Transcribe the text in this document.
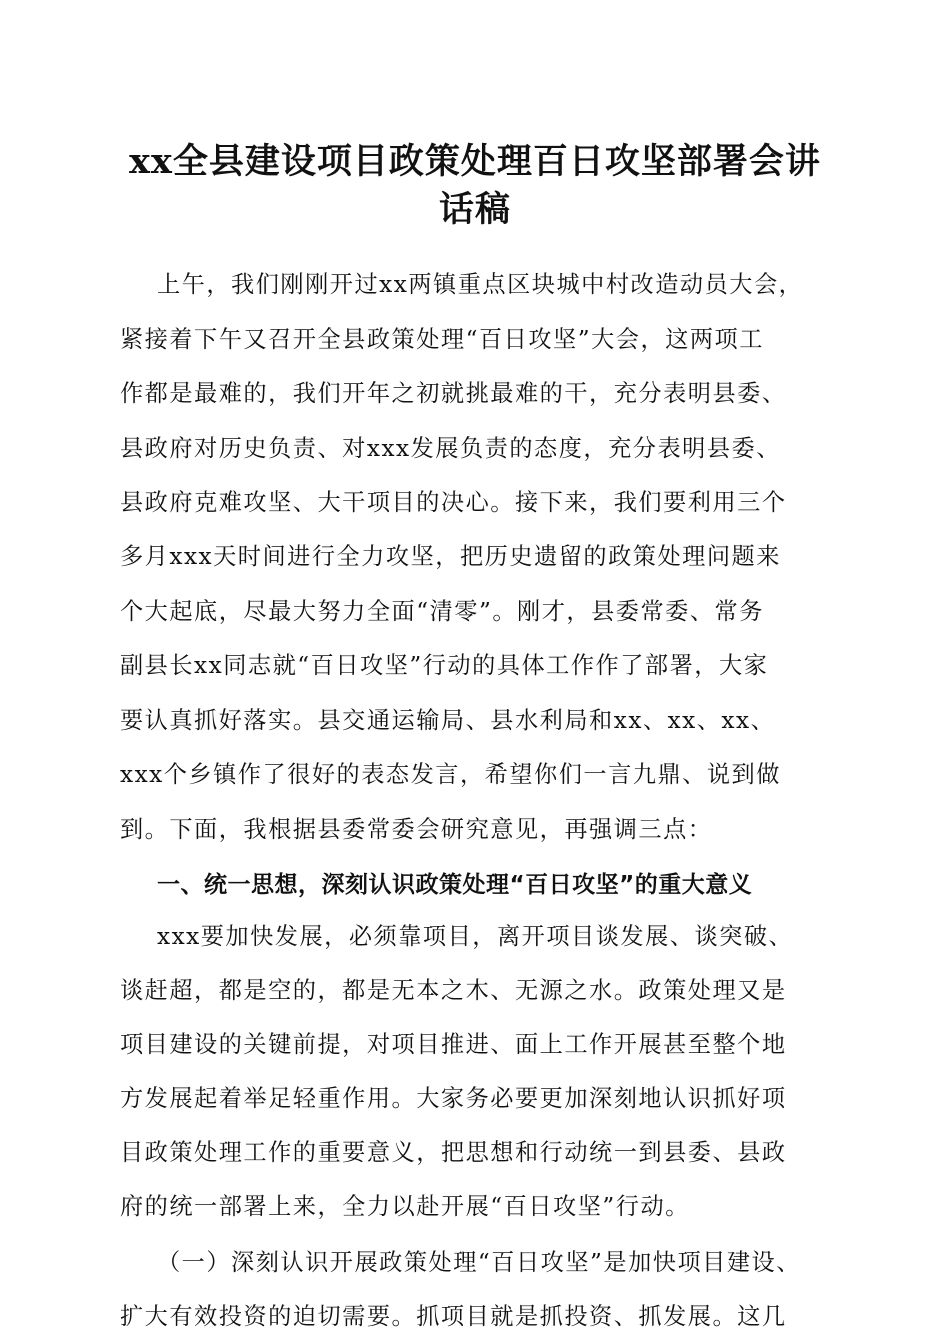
xx全县建设项目政策处理百日攻坚部署会讲
话稿
上午，我们刚刚开过xx两镇重点区块城中村改造动员大会，
紧接着下午又召开全县政策处理“百日攻坚”大会，这两项工
作都是最难的，我们开年之初就挑最难的干，充分表明县委、
县政府对历史负责、对xxx发展负责的态度，充分表明县委、
县政府克难攻坚、大干项目的决心。接下来，我们要利用三个
多月xxx天时间进行全力攻坚，把历史遗留的政策处理问题来
个大起底，尽最大努力全面“清零”。刚才，县委常委、常务
副县长xx同志就“百日攻坚”行动的具体工作作了部署，大家
要认真抓好落实。县交通运输局、县水利局和xx、xx、xx、
xxx个乡镇作了很好的表态发言，希望你们一言九鼎、说到做
到。下面，我根据县委常委会研究意见，再强调三点：
一、统一思想，深刻认识政策处理“百日攻坚”的重大意义
xxx要加快发展，必须靠项目，离开项目谈发展、谈突破、
谈赶超，都是空的，都是无本之木、无源之水。政策处理又是
项目建设的关键前提，对项目推进、面上工作开展甚至整个地
方发展起着举足轻重作用。大家务必要更加深刻地认识抓好项
目政策处理工作的重要意义，把思想和行动统一到县委、县政
府的统一部署上来，全力以赴开展“百日攻坚”行动。
（一）深刻认识开展政策处理“百日攻坚”是加快项目建设、
扩大有效投资的迫切需要。抓项目就是抓投资、抓发展。这几
